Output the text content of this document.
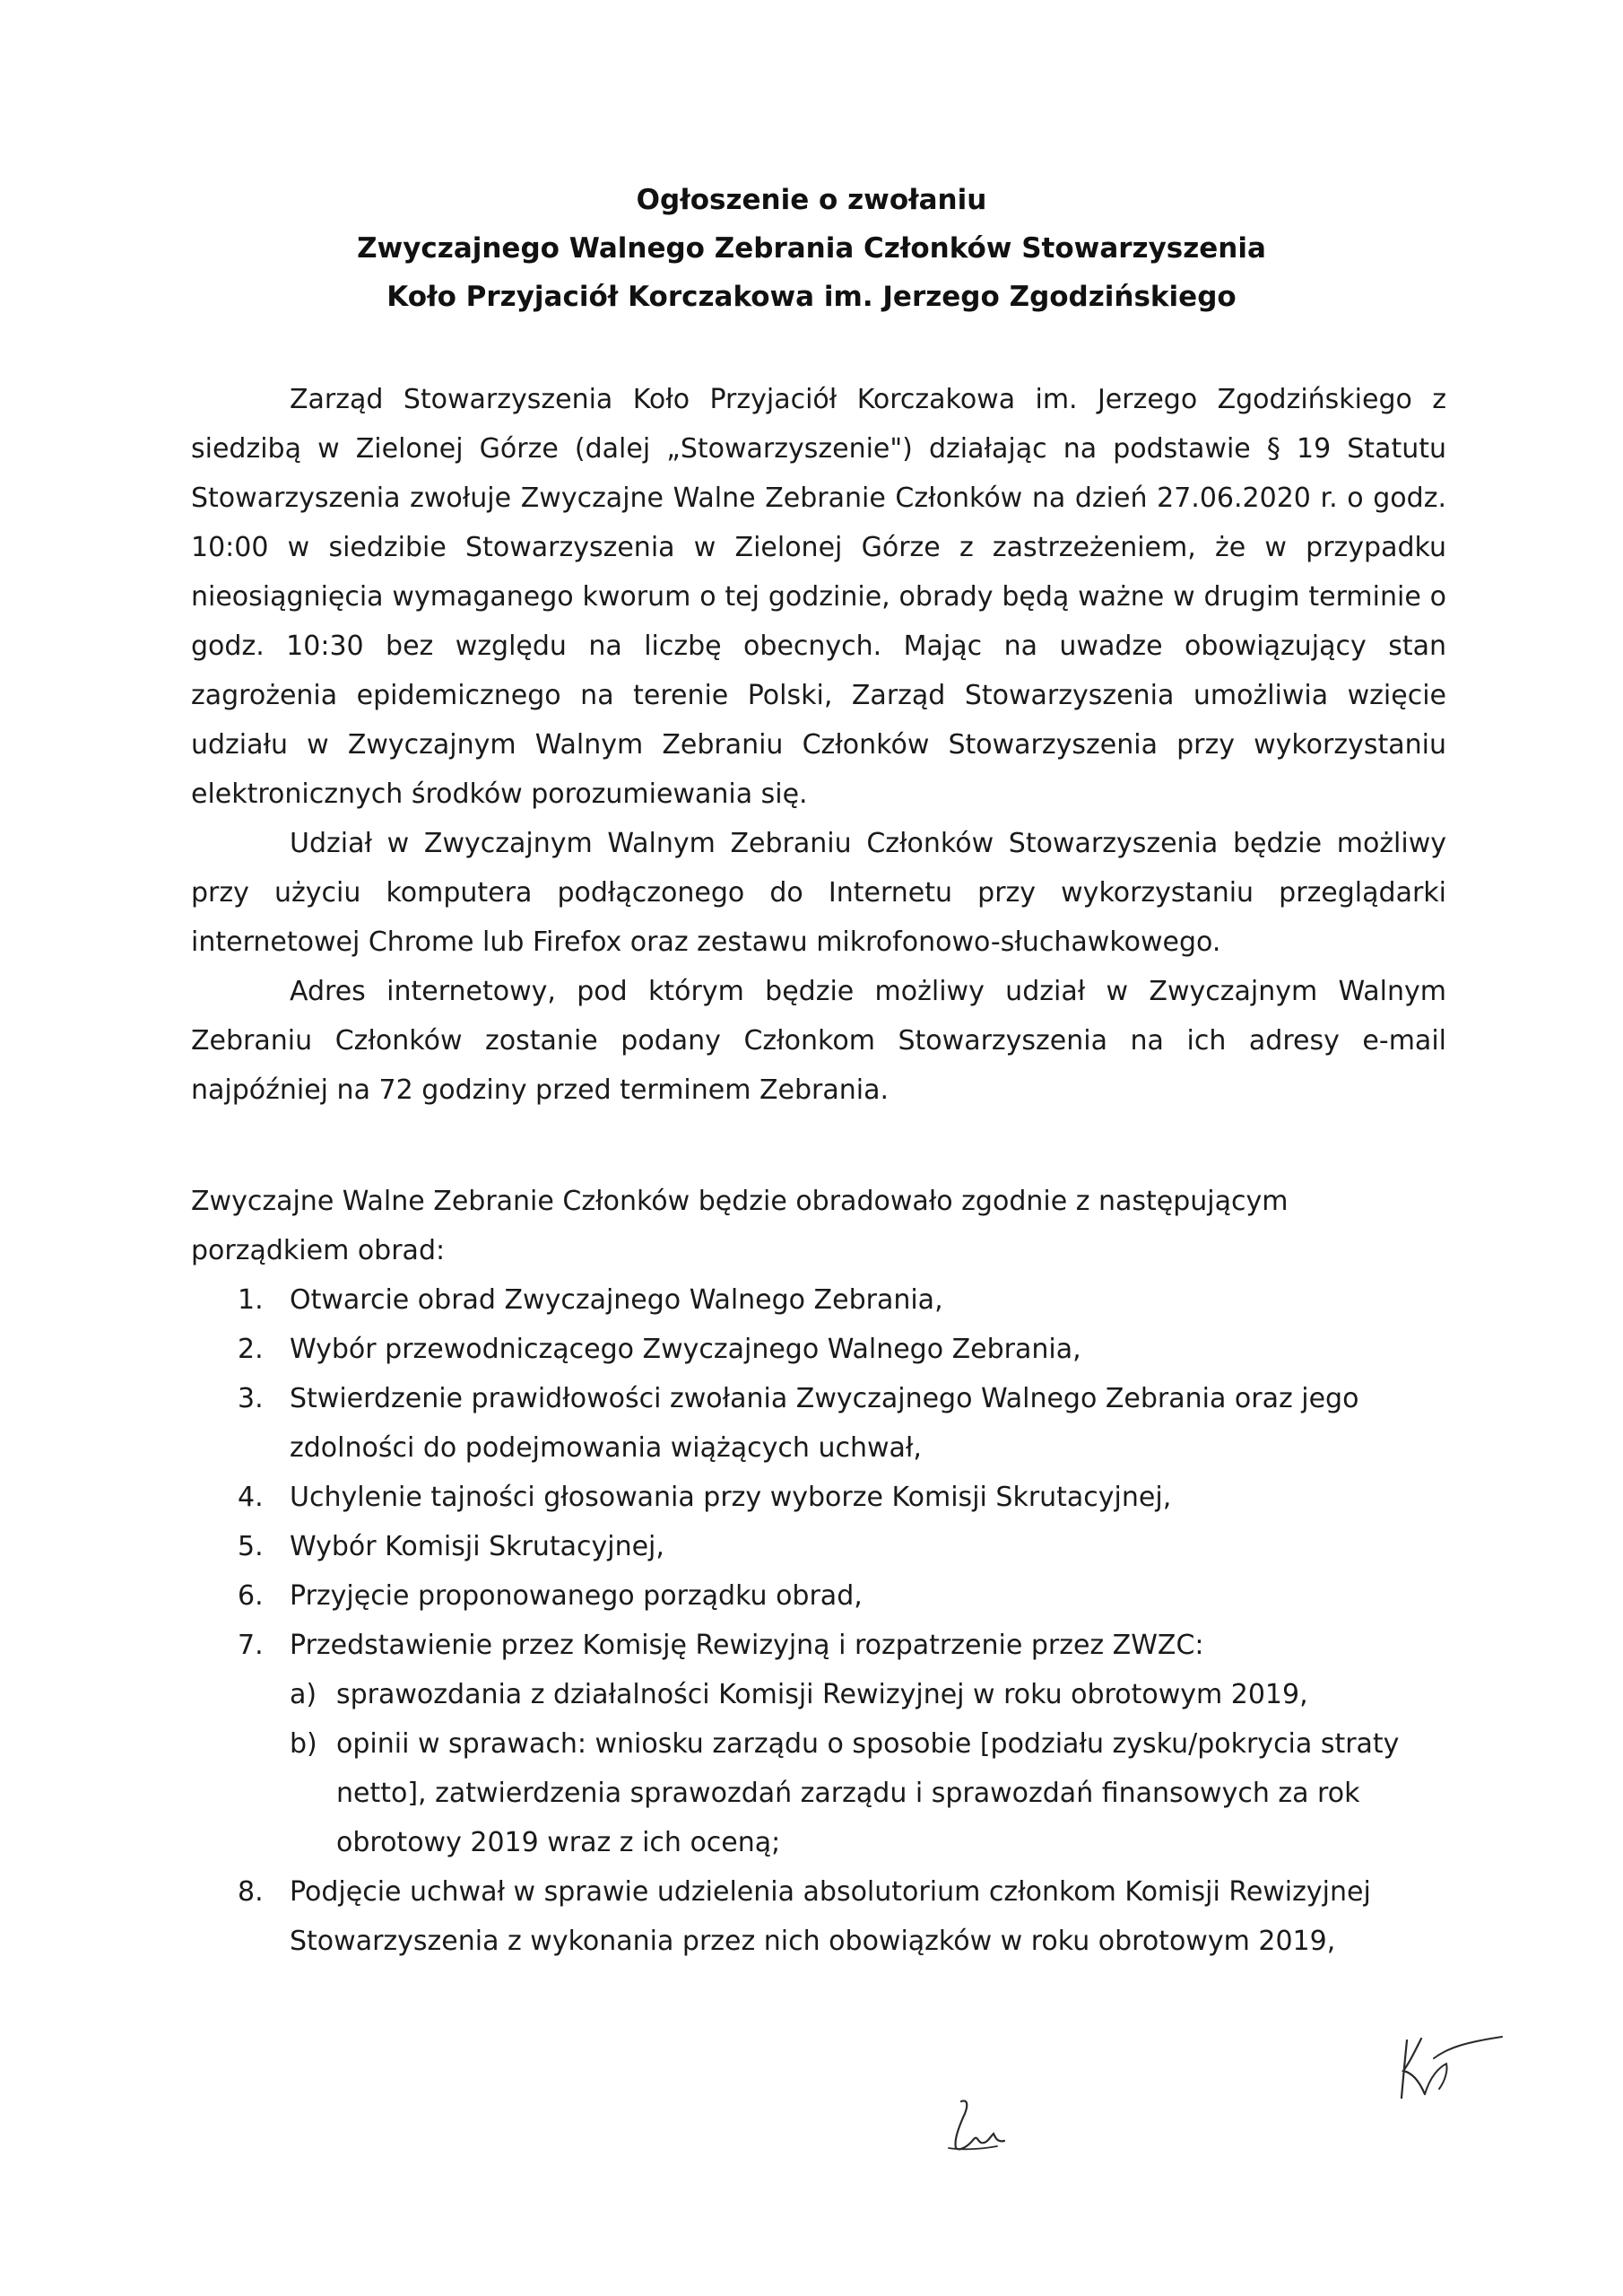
Ogłoszenie o zwołaniu
Zwyczajnego Walnego Zebrania Członków Stowarzyszenia
Koło Przyjaciół Korczakowa im. Jerzego Zgodzińskiego

Zarząd Stowarzyszenia Koło Przyjaciół Korczakowa im. Jerzego Zgodzińskiego z siedzibą w Zielonej Górze (dalej „Stowarzyszenie") działając na podstawie § 19 Statutu Stowarzyszenia zwołuje Zwyczajne Walne Zebranie Członków na dzień 27.06.2020 r. o godz. 10:00 w siedzibie Stowarzyszenia w Zielonej Górze z zastrzeżeniem, że w przypadku nieosiągnięcia wymaganego kworum o tej godzinie, obrady będą ważne w drugim terminie o godz. 10:30 bez względu na liczbę obecnych. Mając na uwadze obowiązujący stan zagrożenia epidemicznego na terenie Polski, Zarząd Stowarzyszenia umożliwia wzięcie udziału w Zwyczajnym Walnym Zebraniu Członków Stowarzyszenia przy wykorzystaniu elektronicznych środków porozumiewania się.

Udział w Zwyczajnym Walnym Zebraniu Członków Stowarzyszenia będzie możliwy przy użyciu komputera podłączonego do Internetu przy wykorzystaniu przeglądarki internetowej Chrome lub Firefox oraz zestawu mikrofonowo-słuchawkowego.

Adres internetowy, pod którym będzie możliwy udział w Zwyczajnym Walnym Zebraniu Członków zostanie podany Członkom Stowarzyszenia na ich adresy e-mail najpóźniej na 72 godziny przed terminem Zebrania.

Zwyczajne Walne Zebranie Członków będzie obradowało zgodnie z następującym porządkiem obrad:
1. Otwarcie obrad Zwyczajnego Walnego Zebrania,
2. Wybór przewodniczącego Zwyczajnego Walnego Zebrania,
3. Stwierdzenie prawidłowości zwołania Zwyczajnego Walnego Zebrania oraz jego zdolności do podejmowania wiążących uchwał,
4. Uchylenie tajności głosowania przy wyborze Komisji Skrutacyjnej,
5. Wybór Komisji Skrutacyjnej,
6. Przyjęcie proponowanego porządku obrad,
7. Przedstawienie przez Komisję Rewizyjną i rozpatrzenie przez ZWZC:
a) sprawozdania z działalności Komisji Rewizyjnej w roku obrotowym 2019,
b) opinii w sprawach: wniosku zarządu o sposobie [podziału zysku/pokrycia straty netto], zatwierdzenia sprawozdań zarządu i sprawozdań finansowych za rok obrotowy 2019 wraz z ich oceną;
8. Podjęcie uchwał w sprawie udzielenia absolutorium członkom Komisji Rewizyjnej Stowarzyszenia z wykonania przez nich obowiązków w roku obrotowym 2019,
